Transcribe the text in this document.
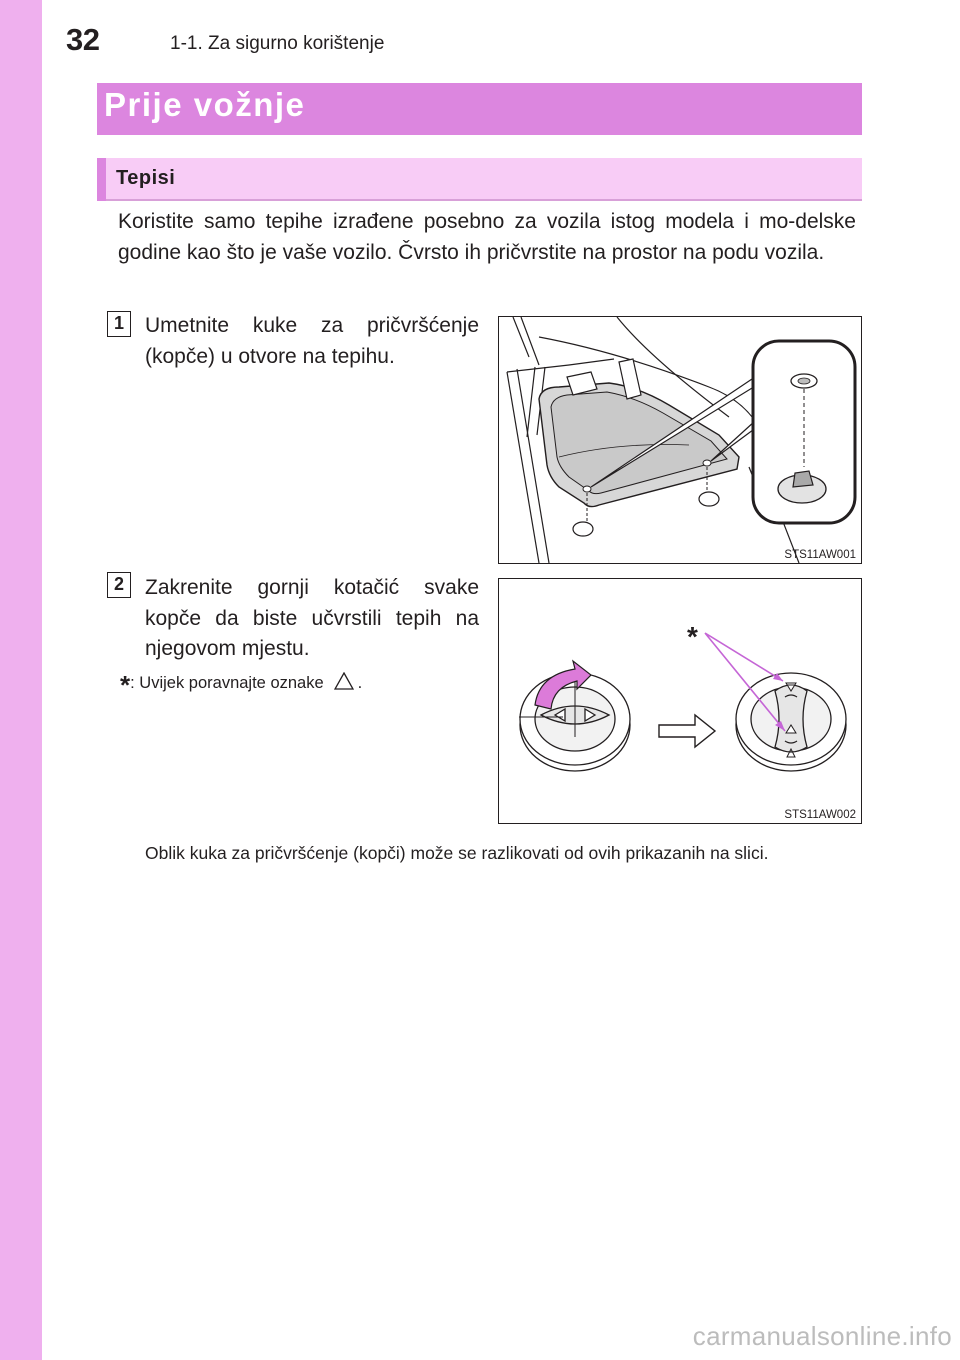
32	1-1. Za sigurno korištenje
Prije vožnje
Tepisi
Koristite samo tepihe izrađene posebno za vozila istog modela i mo-delske godine kao što je vaše vozilo. Čvrsto ih pričvrstite na prostor na podu vozila.
1	Umetnite kuke za pričvršćenje (kopče) u otvore na tepihu.
STS11AW001
2	Zakrenite gornji kotačić svake kopče da biste učvrstili tepih na njegovom mjestu.	*
STS11AW002
*: Uvijek poravnajte oznake .
Oblik kuka za pričvršćenje (kopči) može se razlikovati od ovih prikazanih na slici.
carmanualsonline.info
